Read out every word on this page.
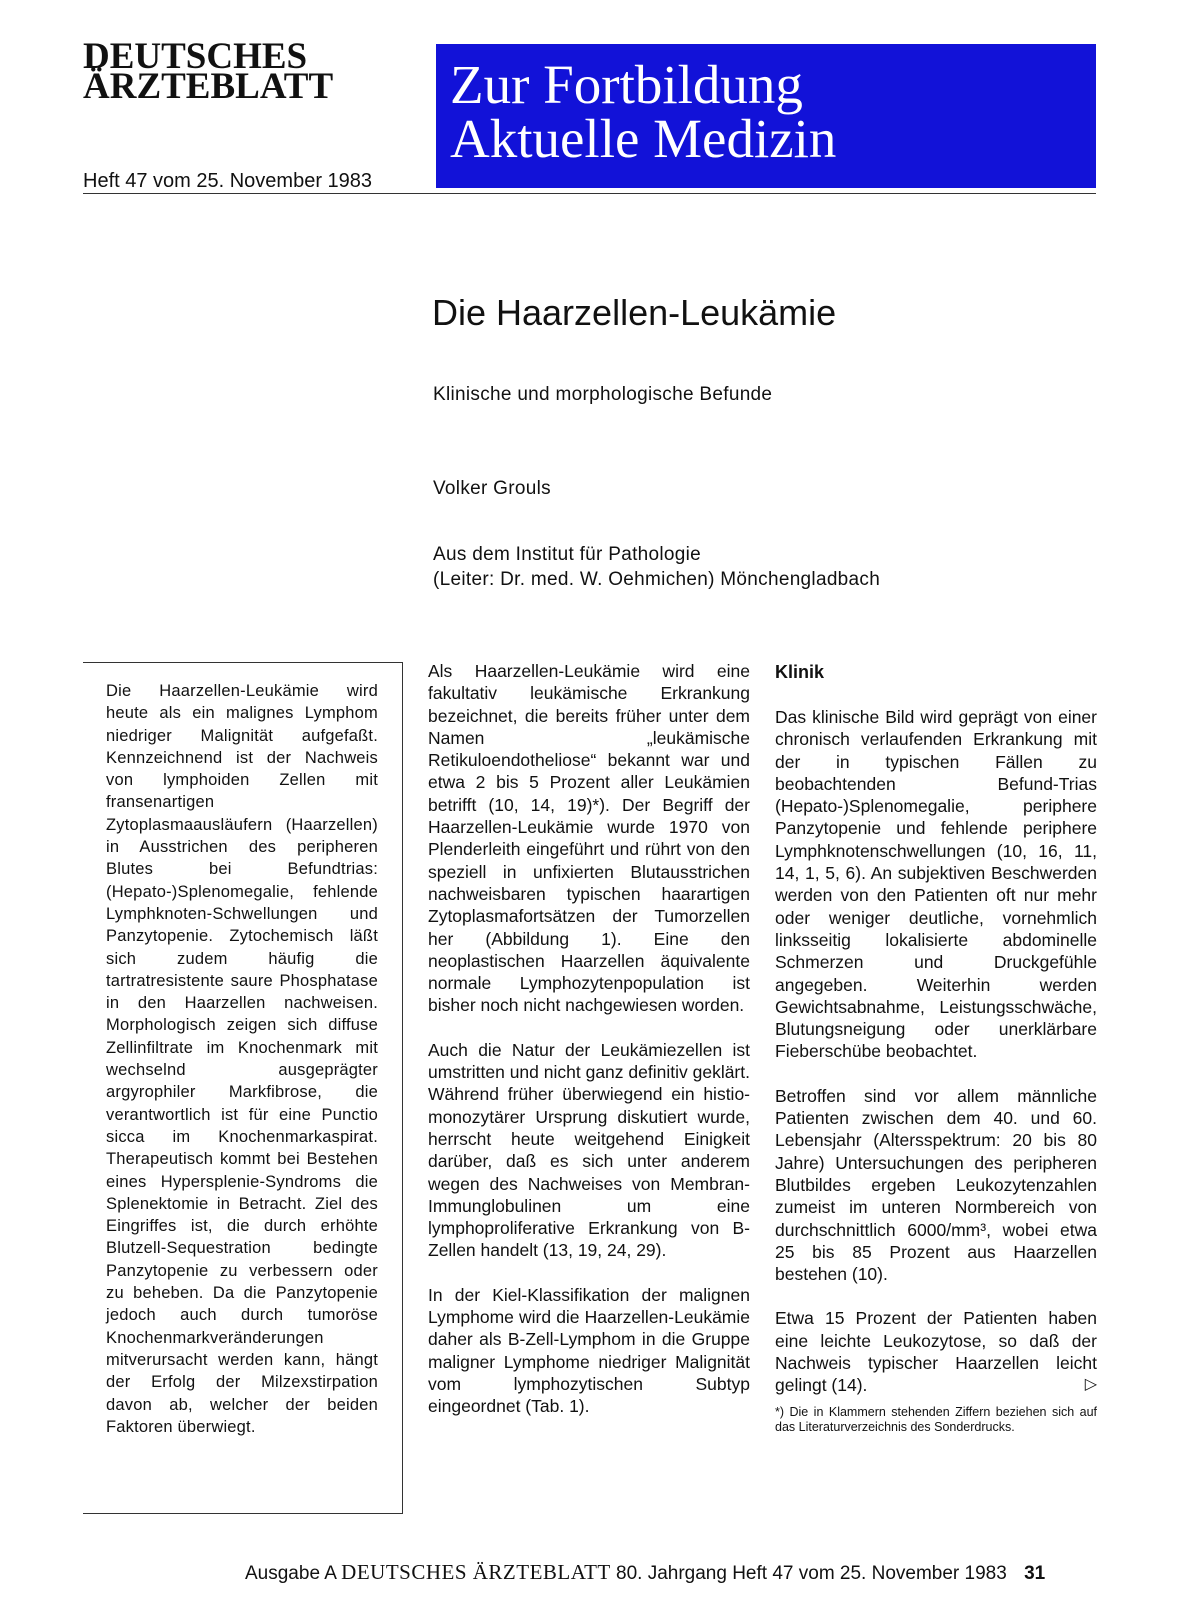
DEUTSCHES
ÄRZTEBLATT
Heft 47 vom 25. November 1983
Zur Fortbildung
Aktuelle Medizin
Die Haarzellen-Leukämie
Klinische und morphologische Befunde
Volker Grouls
Aus dem Institut für Pathologie
(Leiter: Dr. med. W. Oehmichen) Mönchengladbach
Die Haarzellen-Leukämie wird heute als ein malignes Lymphom niedriger Malignität aufgefaßt. Kennzeichnend ist der Nachweis von lymphoiden Zellen mit fransenartigen Zytoplasmaausläufern (Haarzellen) in Ausstrichen des peripheren Blutes bei Befundtrias: (Hepato-)Splenomegalie, fehlende Lymphknoten-Schwellungen und Panzytopenie. Zytochemisch läßt sich zudem häufig die tartratresistente saure Phosphatase in den Haarzellen nachweisen. Morphologisch zeigen sich diffuse Zellinfiltrate im Knochenmark mit wechselnd ausgeprägter argyrophiler Markfibrose, die verantwortlich ist für eine Punctio sicca im Knochenmarkaspirat. Therapeutisch kommt bei Bestehen eines Hypersplenie-Syndroms die Splenektomie in Betracht. Ziel des Eingriffes ist, die durch erhöhte Blutzell-Sequestration bedingte Panzytopenie zu verbessern oder zu beheben. Da die Panzytopenie jedoch auch durch tumoröse Knochenmarkveränderungen mitverursacht werden kann, hängt der Erfolg der Milzexstirpation davon ab, welcher der beiden Faktoren überwiegt.

Als Haarzellen-Leukämie wird eine fakultativ leukämische Erkrankung bezeichnet, die bereits früher unter dem Namen „leukämische Retikuloendotheliose“ bekannt war und etwa 2 bis 5 Prozent aller Leukämien betrifft (10, 14, 19)*). Der Begriff der Haarzellen-Leukämie wurde 1970 von Plenderleith eingeführt und rührt von den speziell in unfixierten Blutausstrichen nachweisbaren typischen haarartigen Zytoplasmafortsätzen der Tumorzellen her (Abbildung 1). Eine den neoplastischen Haarzellen äquivalente normale Lymphozytenpopulation ist bisher noch nicht nachgewiesen worden.

Auch die Natur der Leukämiezellen ist umstritten und nicht ganz definitiv geklärt. Während früher überwiegend ein histio-monozytärer Ursprung diskutiert wurde, herrscht heute weitgehend Einigkeit darüber, daß es sich unter anderem wegen des Nachweises von Membran-Immunglobulinen um eine lymphoproliferative Erkrankung von B-Zellen handelt (13, 19, 24, 29).

In der Kiel-Klassifikation der malignen Lymphome wird die Haarzellen-Leukämie daher als B-Zell-Lymphom in die Gruppe maligner Lymphome niedriger Malignität vom lymphozytischen Subtyp eingeordnet (Tab. 1).

Klinik

Das klinische Bild wird geprägt von einer chronisch verlaufenden Erkrankung mit der in typischen Fällen zu beobachtenden Befund-Trias (Hepato-)Splenomegalie, periphere Panzytopenie und fehlende periphere Lymphknotenschwellungen (10, 16, 11, 14, 1, 5, 6). An subjektiven Beschwerden werden von den Patienten oft nur mehr oder weniger deutliche, vornehmlich linksseitig lokalisierte abdominelle Schmerzen und Druckgefühle angegeben. Weiterhin werden Gewichtsabnahme, Leistungsschwäche, Blutungsneigung oder unerklärbare Fieberschübe beobachtet.

Betroffen sind vor allem männliche Patienten zwischen dem 40. und 60. Lebensjahr (Altersspektrum: 20 bis 80 Jahre) Untersuchungen des peripheren Blutbildes ergeben Leukozytenzahlen zumeist im unteren Normbereich von durchschnittlich 6000/mm³, wobei etwa 25 bis 85 Prozent aus Haarzellen bestehen (10).

Etwa 15 Prozent der Patienten haben eine leichte Leukozytose, so daß der Nachweis typischer Haarzellen leicht gelingt (14).	▷

*) Die in Klammern stehenden Ziffern beziehen sich auf das Literaturverzeichnis des Sonderdrucks.
Ausgabe A DEUTSCHES ÄRZTEBLATT 80. Jahrgang Heft 47 vom 25. November 1983 31
